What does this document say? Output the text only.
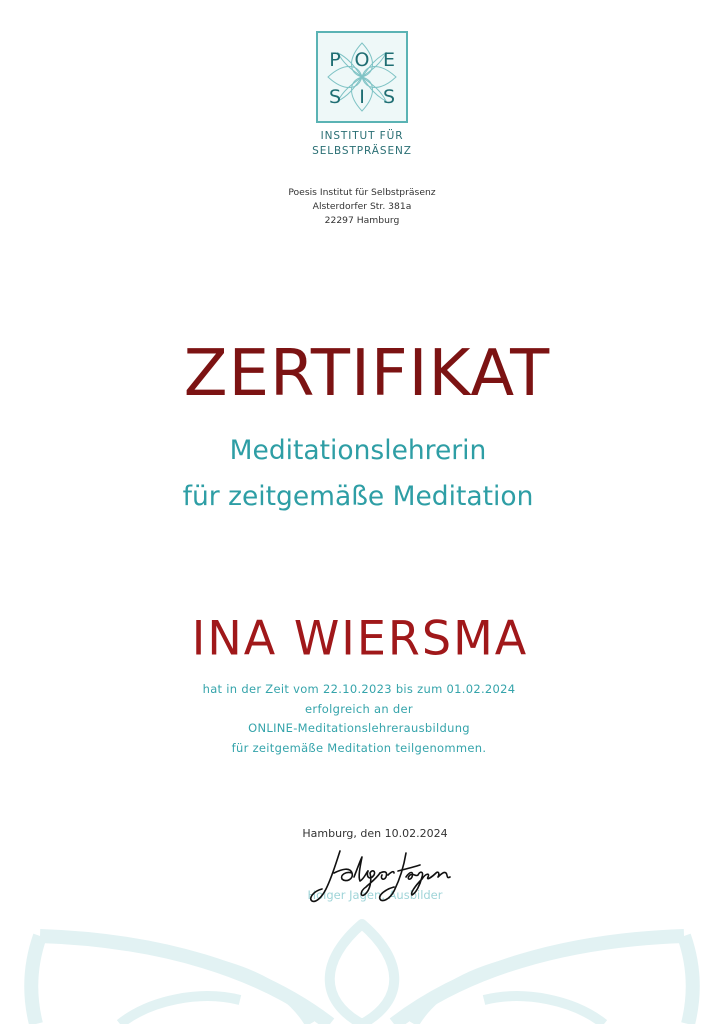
P O E
S I S
INSTITUT FÜR
SELBSTPRÄSENZ
Poesis Institut für Selbstpräsenz
Alsterdorfer Str. 381a
22297 Hamburg
ZERTIFIKAT
Meditationslehrerin
für zeitgemäße Meditation
INA WIERSMA
hat in der Zeit vom 22.10.2023 bis zum 01.02.2024
erfolgreich an der
ONLINE-Meditationslehrerausbildung
für zeitgemäße Meditation teilgenommen.
Hamburg, den 10.02.2024
Holger Jagen, Ausbilder
